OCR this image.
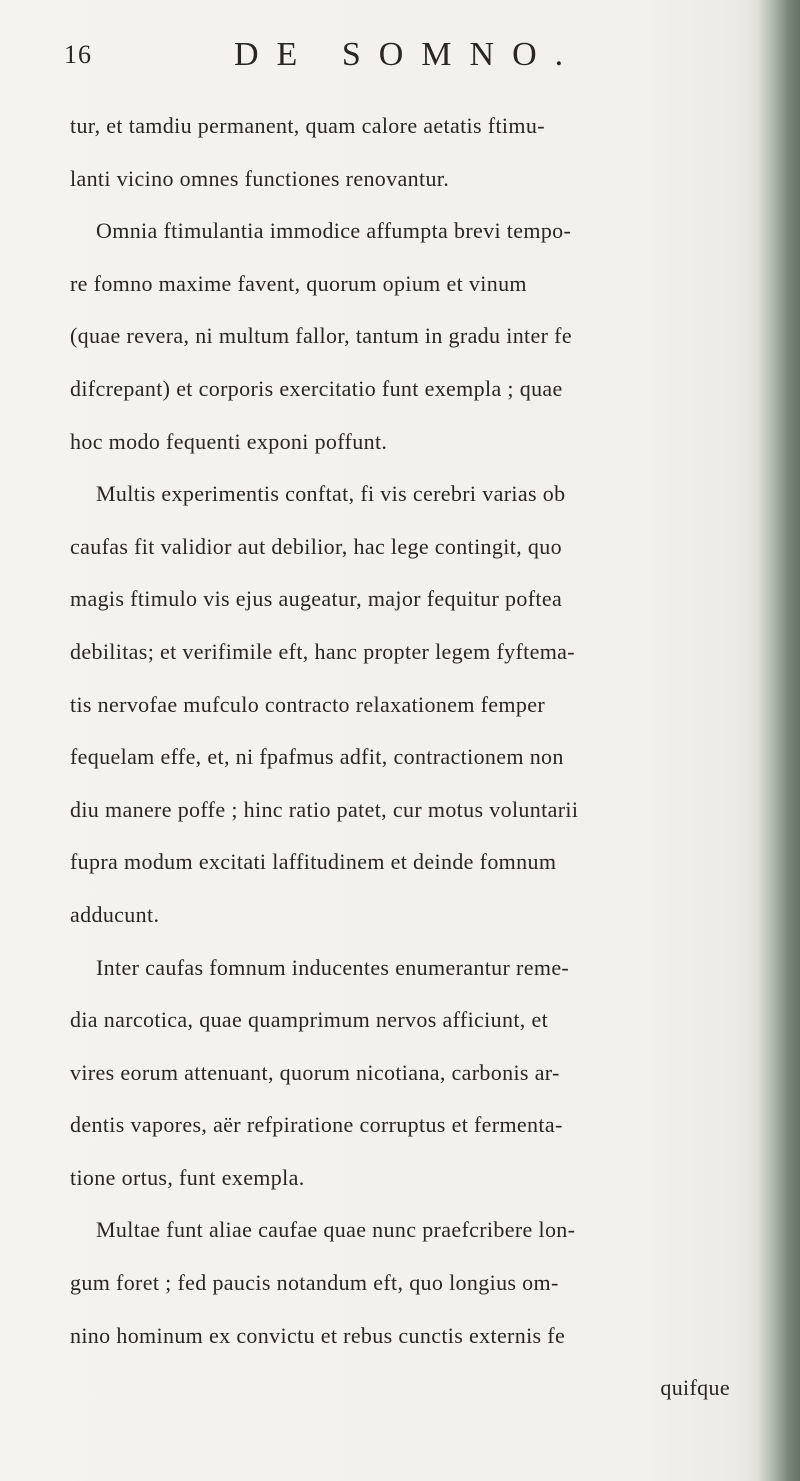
16	DE SOMNO.
tur, et tamdiu permanent, quam calore aetatis ftimu-
lanti vicino omnes functiones renovantur.
Omnia ftimulantia immodice affumpta brevi tempo-
re fomno maxime favent, quorum opium et vinum
(quae revera, ni multum fallor, tantum in gradu inter fe
difcrepant) et corporis exercitatio funt exempla ; quae
hoc modo fequenti exponi poffunt.
Multis experimentis conftat, fi vis cerebri varias ob
caufas fit validior aut debilior, hac lege contingit, quo
magis ftimulo vis ejus augeatur, major fequitur poftea
debilitas; et verifimile eft, hanc propter legem fyftema-
tis nervofae mufculo contracto relaxationem femper
fequelam effe, et, ni fpafmus adfit, contractionem non
diu manere poffe ; hinc ratio patet, cur motus voluntarii
fupra modum excitati laffitudinem et deinde fomnum
adducunt.
Inter caufas fomnum inducentes enumerantur reme-
dia narcotica, quae quamprimum nervos afficiunt, et
vires eorum attenuant, quorum nicotiana, carbonis ar-
dentis vapores, aër refpiratione corruptus et fermenta-
tione ortus, funt exempla.
Multae funt aliae caufae quae nunc praefcribere lon-
gum foret ; fed paucis notandum eft, quo longius om-
nino hominum ex convictu et rebus cunctis externis fe
quifque
